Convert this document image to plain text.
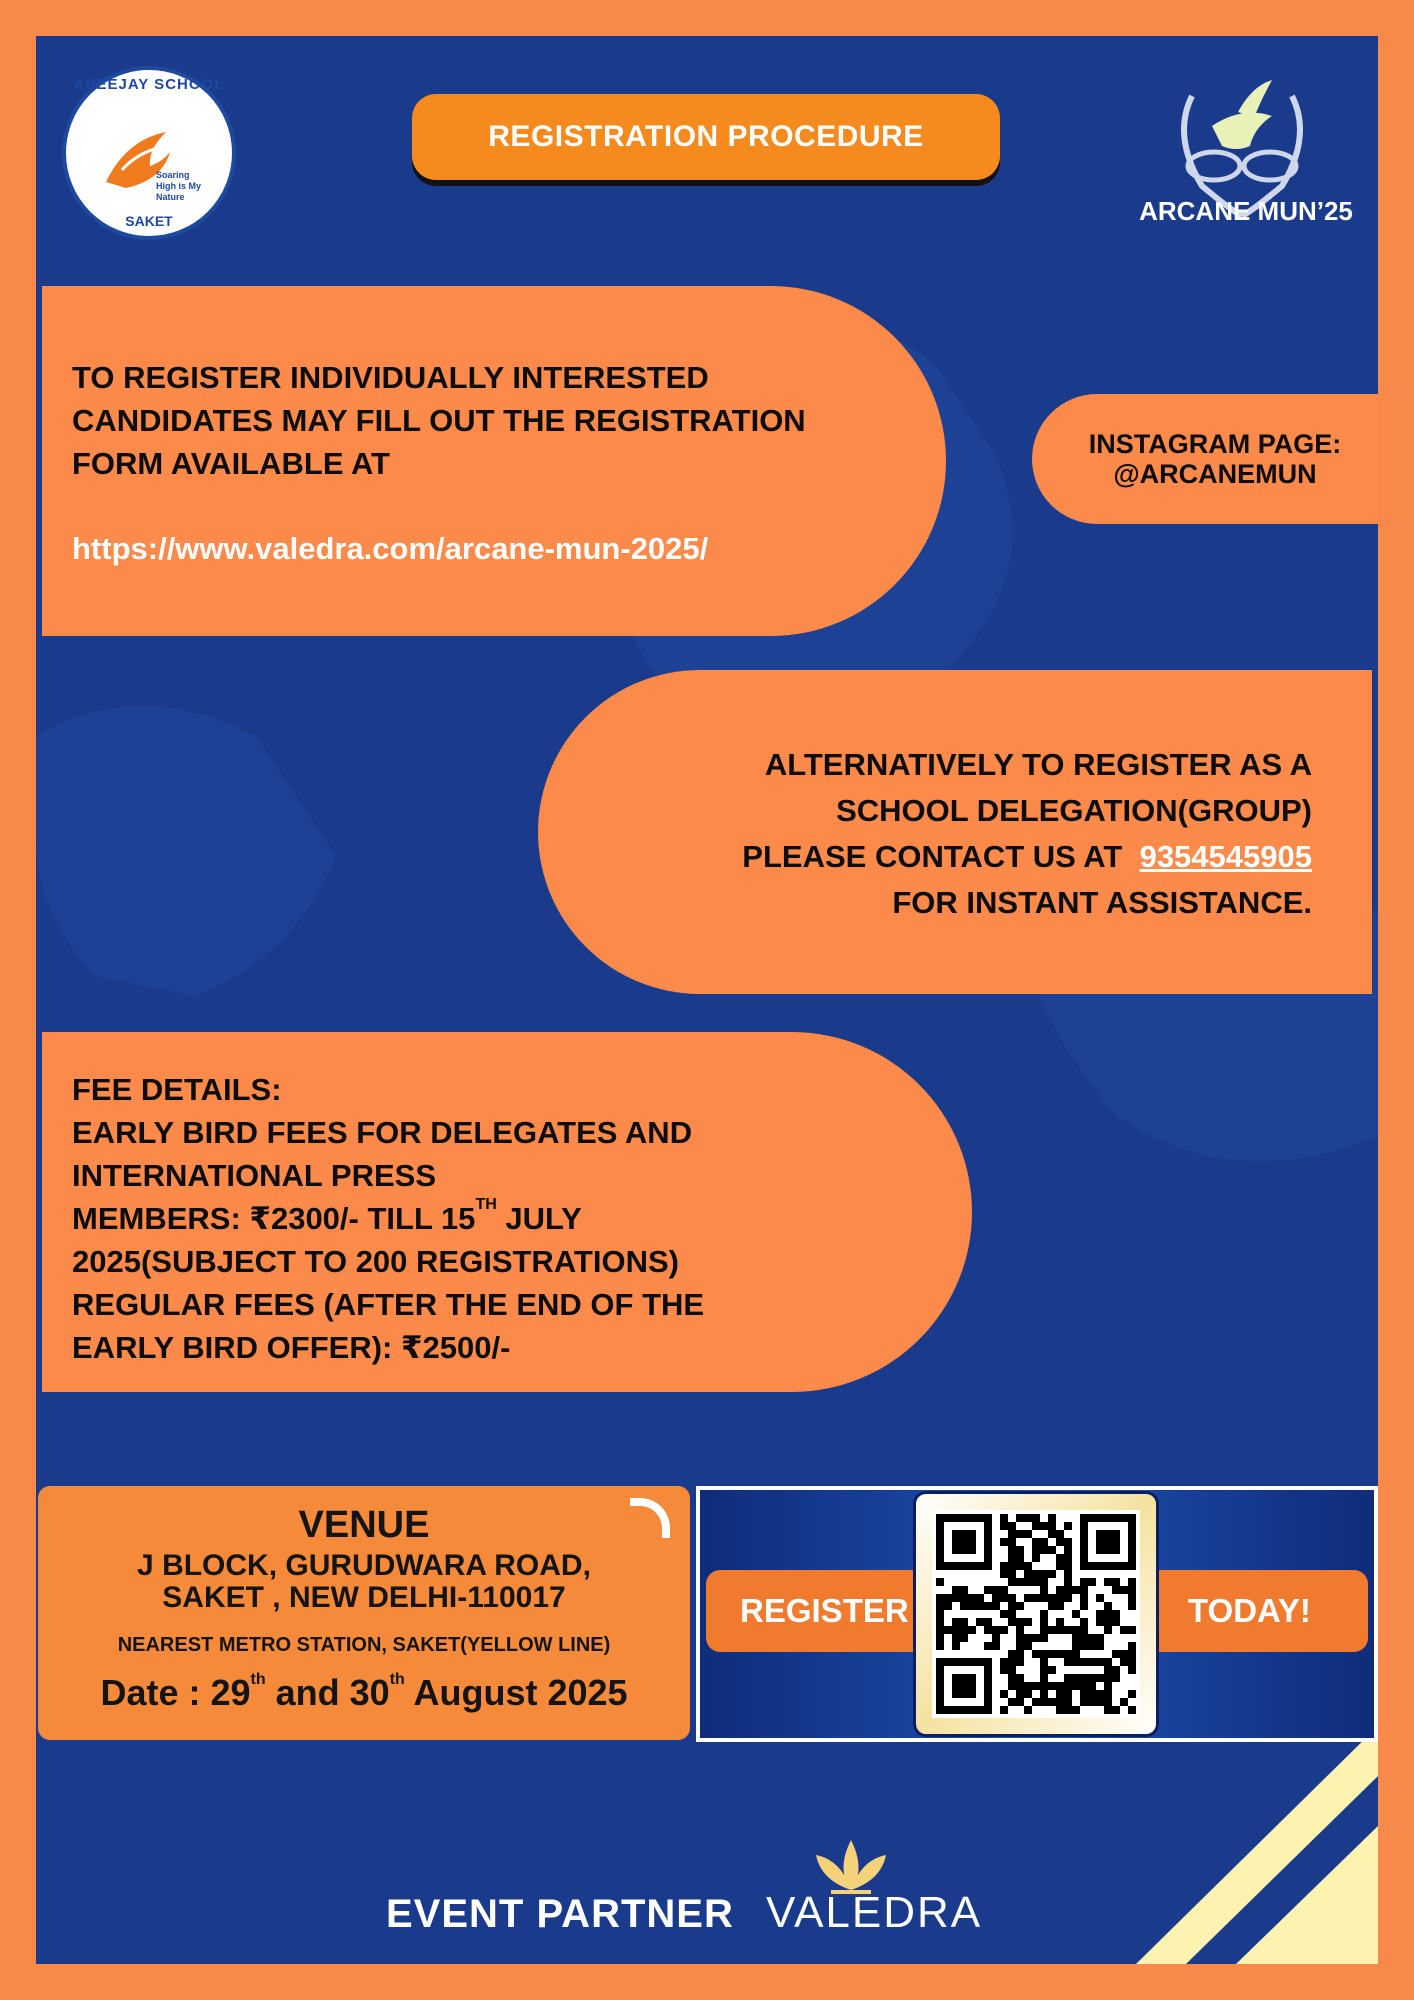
APEEJAY SCHOOL
Soaring High is My Nature
SAKET
REGISTRATION PROCEDURE
ARCANE MUN’25
TO REGISTER INDIVIDUALLY INTERESTED CANDIDATES MAY FILL OUT THE REGISTRATION FORM AVAILABLE AT
https://www.valedra.com/arcane-mun-2025/
INSTAGRAM PAGE:
@ARCANEMUN
ALTERNATIVELY TO REGISTER AS A
SCHOOL DELEGATION(GROUP)
PLEASE CONTACT US AT 9354545905
FOR INSTANT ASSISTANCE.
FEE DETAILS:
EARLY BIRD FEES FOR DELEGATES AND
INTERNATIONAL PRESS
MEMBERS: ₹2300/- TILL 15TH JULY
2025(SUBJECT TO 200 REGISTRATIONS)
REGULAR FEES (AFTER THE END OF THE
EARLY BIRD OFFER): ₹2500/-
VENUE
J BLOCK, GURUDWARA ROAD,
SAKET , NEW DELHI-110017
NEAREST METRO STATION, SAKET(YELLOW LINE)
Date : 29th and 30th August 2025
REGISTER	TODAY!
EVENT PARTNER VALEDRA
